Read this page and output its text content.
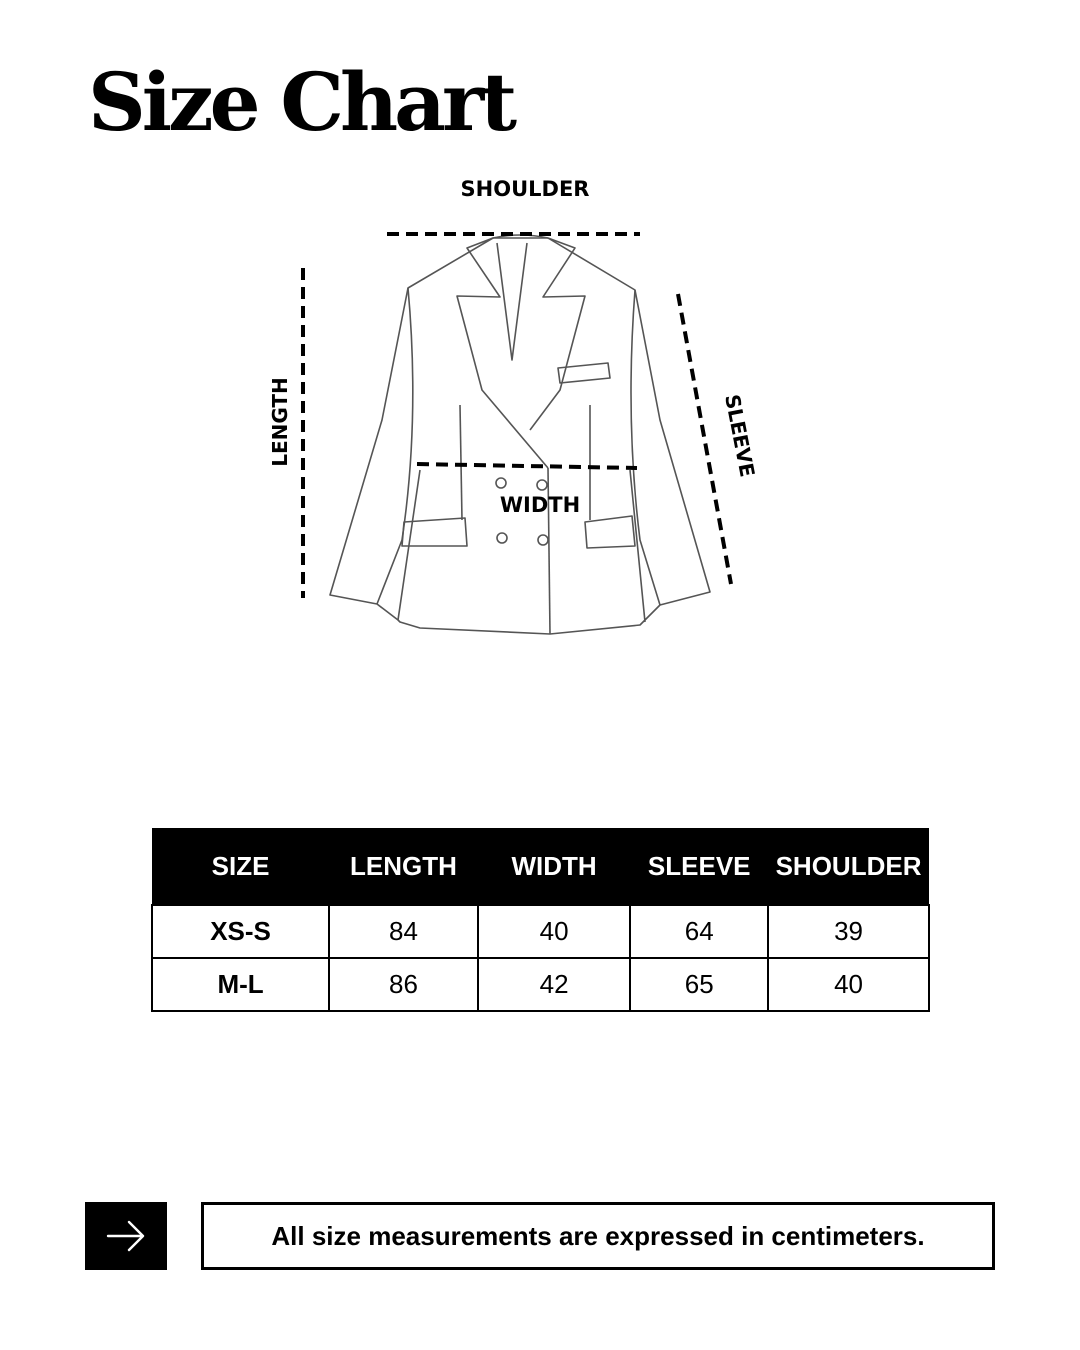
Size Chart
SHOULDER
LENGTH	SLEEVE
WIDTH
SIZE	LENGTH	WIDTH	SLEEVE	SHOULDER
XS-S	84	40	64	39
M-L	86	42	65	40
All size measurements are expressed in centimeters.
